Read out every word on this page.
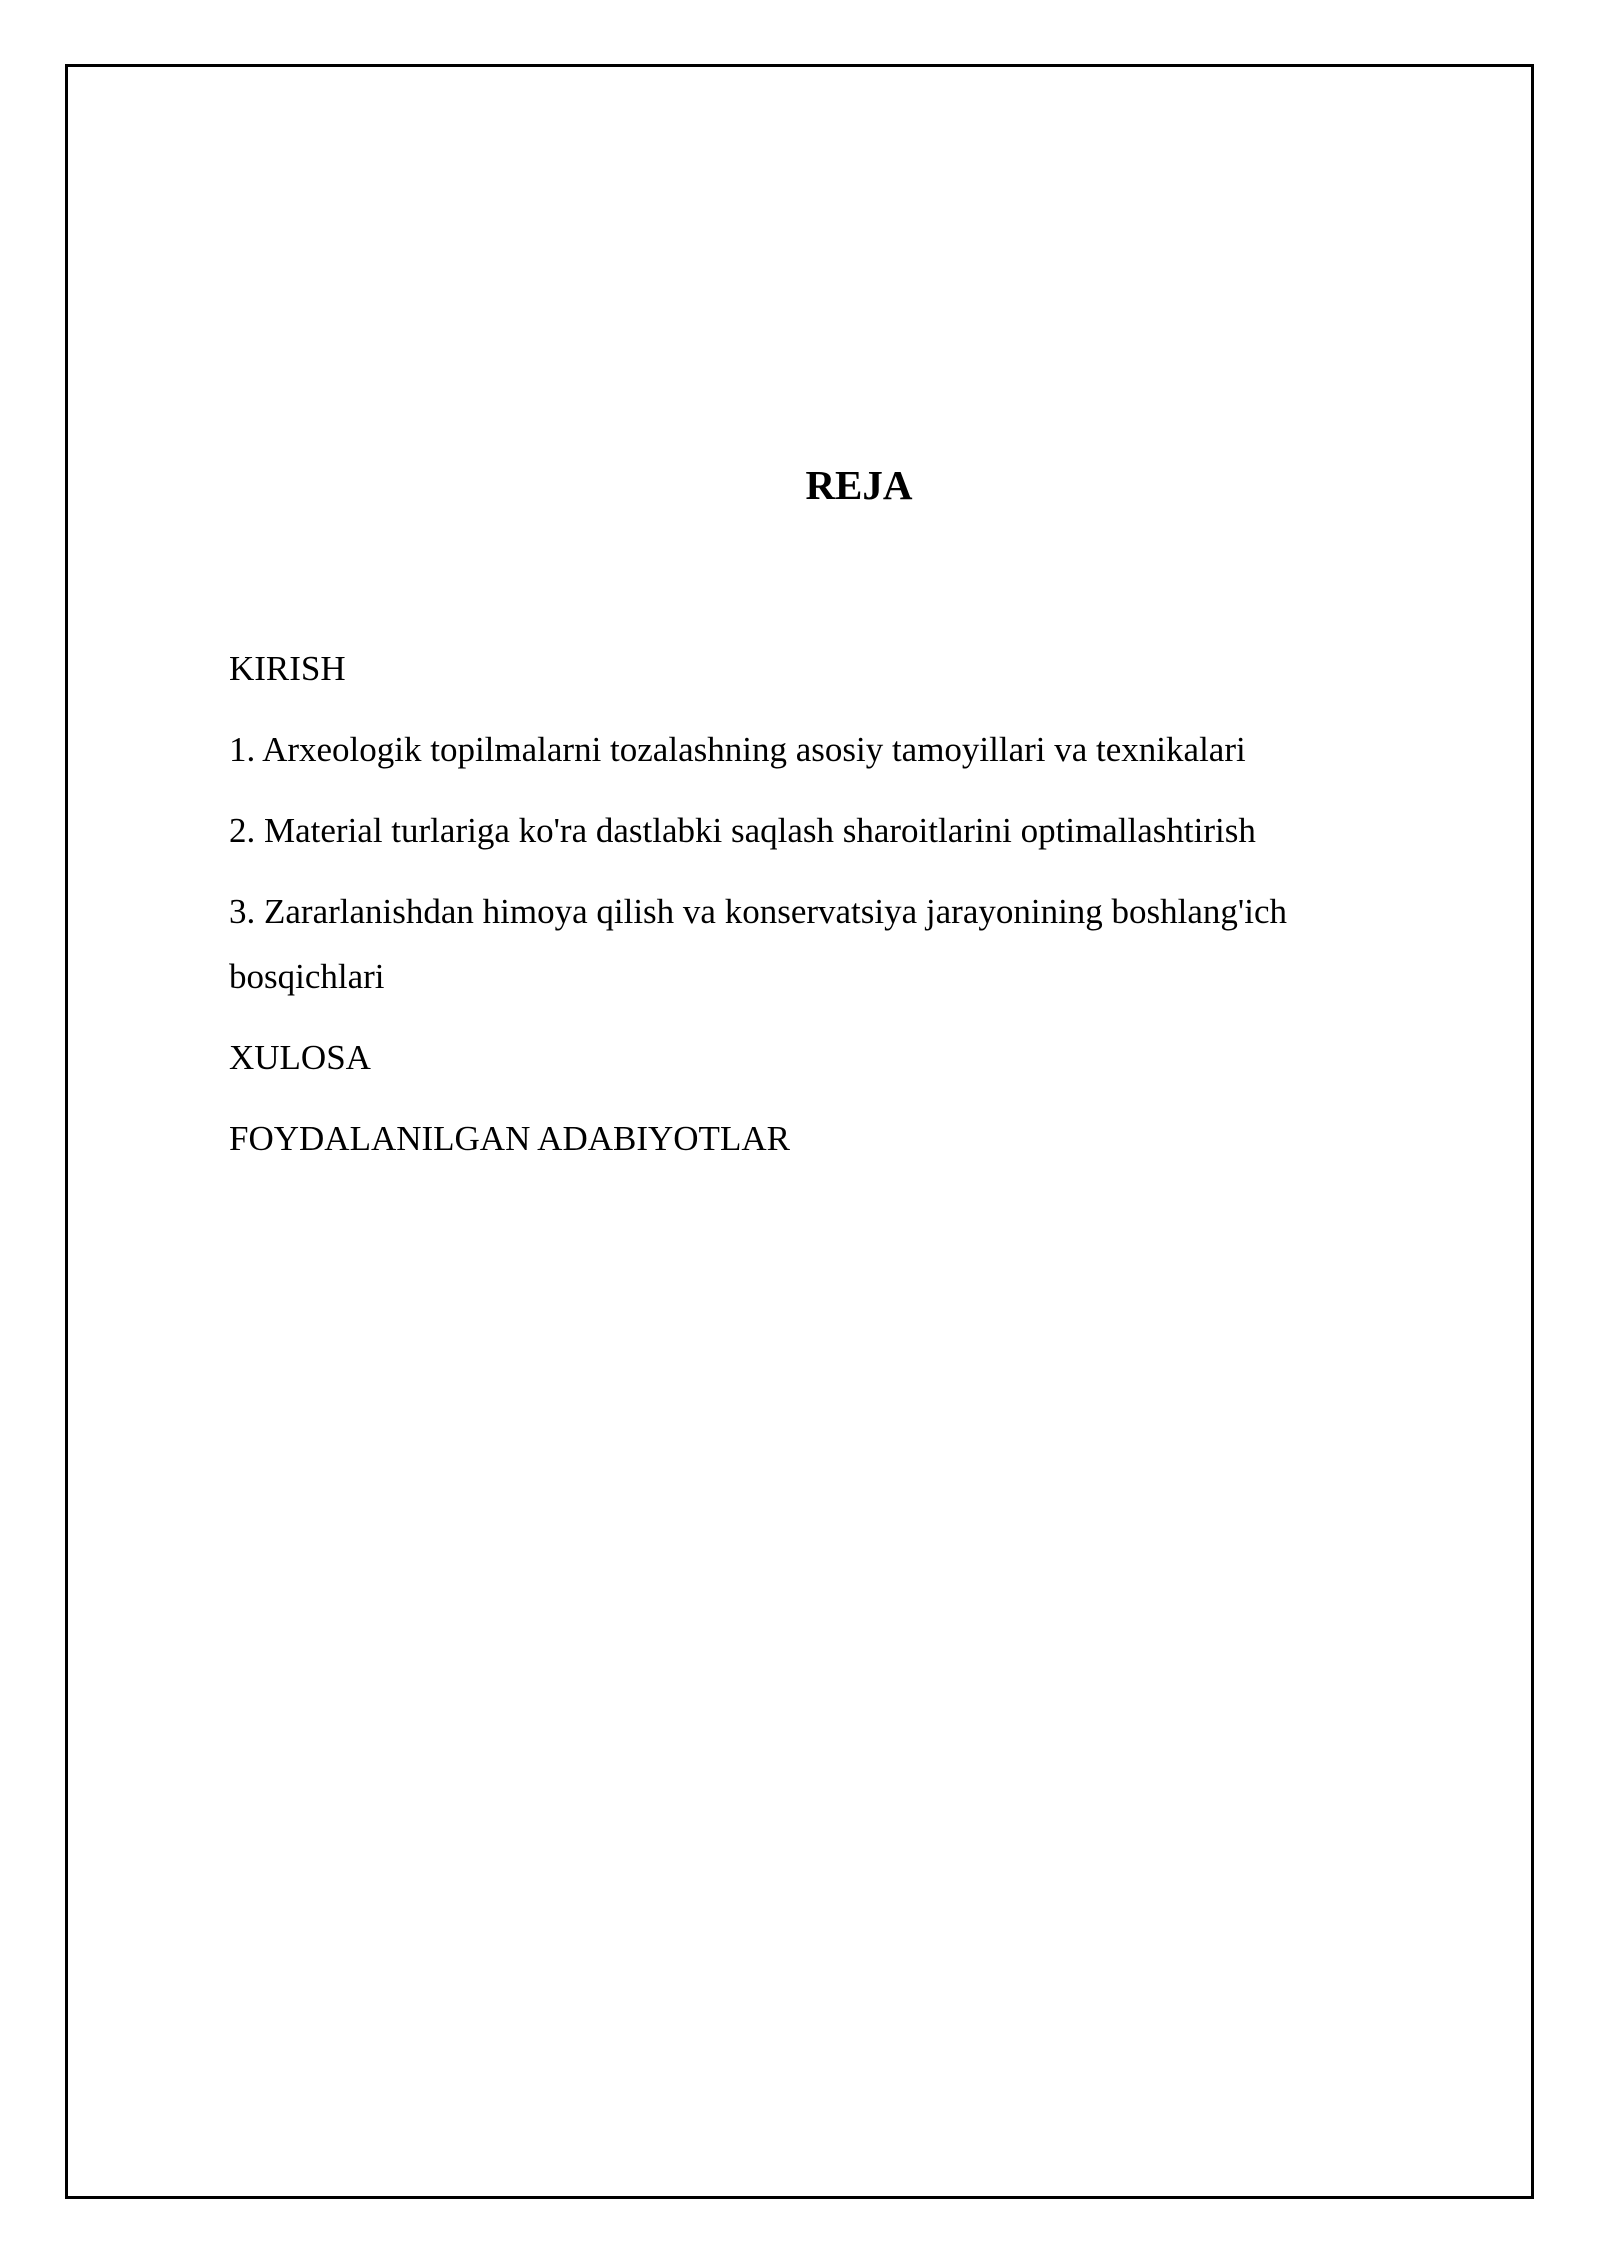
REJA
KIRISH
1. Arxeologik topilmalarni tozalashning asosiy tamoyillari va texnikalari
2. Material turlariga ko'ra dastlabki saqlash sharoitlarini optimallashtirish
3. Zararlanishdan himoya qilish va konservatsiya jarayonining boshlang'ich bosqichlari
XULOSA
FOYDALANILGAN ADABIYOTLAR
